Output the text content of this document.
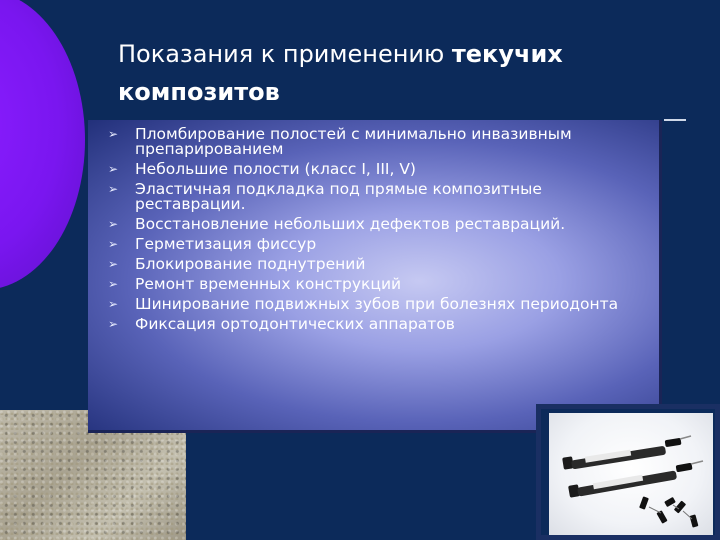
Показания к применению текучих
композитов
➢ Пломбирование полостей с минимально инвазивным препарированием
➢ Небольшие полости (класс I, III, V)
➢ Эластичная подкладка под прямые композитные реставрации.
➢ Восстановление небольших дефектов реставраций.
➢ Герметизация фиссур
➢ Блокирование поднутрений
➢ Ремонт временных конструкций
➢ Шинирование подвижных зубов при болезнях периодонта
➢ Фиксация ортодонтических аппаратов
